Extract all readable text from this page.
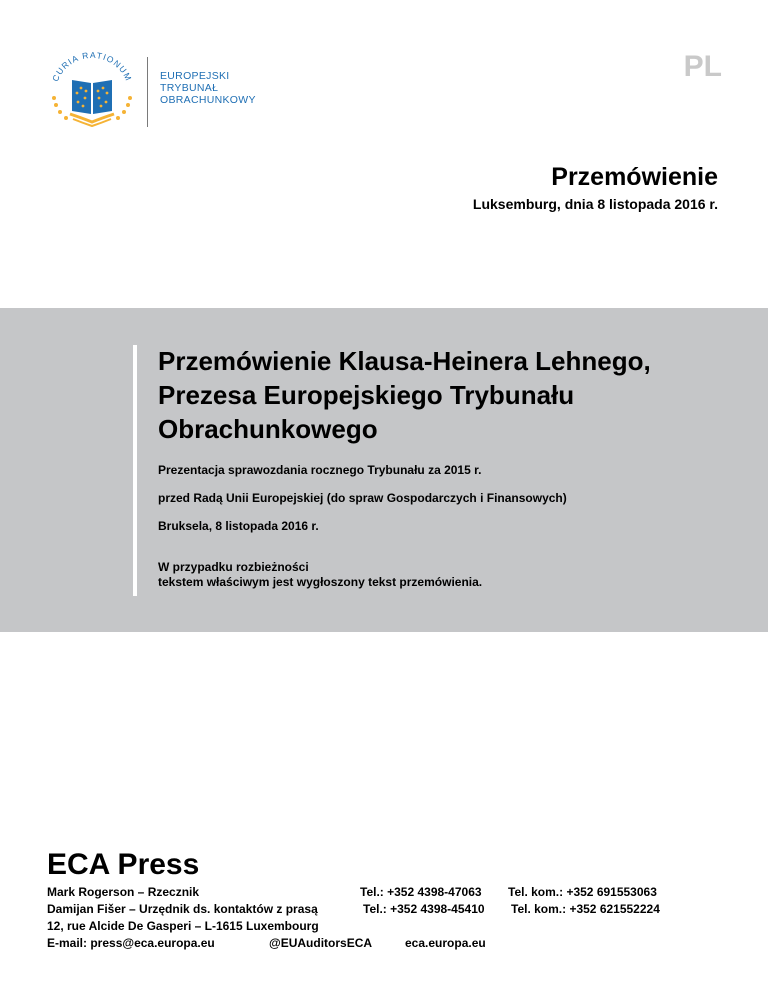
CURIA RATIONUM EUROPEJSKI
TRYBUNAŁ
OBRACHUNKOWY
PL
Przemówienie
Luksemburg, dnia 8 listopada 2016 r.
Przemówienie Klausa-Heinera Lehnego, Prezesa Europejskiego Trybunału Obrachunkowego
Prezentacja sprawozdania rocznego Trybunału za 2015 r.
przed Radą Unii Europejskiej (do spraw Gospodarczych i Finansowych)
Bruksela, 8 listopada 2016 r.
W przypadku rozbieżności
tekstem właściwym jest wygłoszony tekst przemówienia.
ECA Press
Mark Rogerson – Rzecznik	Tel.: +352 4398-47063 Tel. kom.: +352 691553063
Damijan Fišer – Urzędnik ds. kontaktów z prasą	Tel.: +352 4398-45410 Tel. kom.: +352 621552224
12, rue Alcide De Gasperi – L-1615 Luxembourg
E-mail: press@eca.europa.eu	@EUAuditorsECA	eca.europa.eu
